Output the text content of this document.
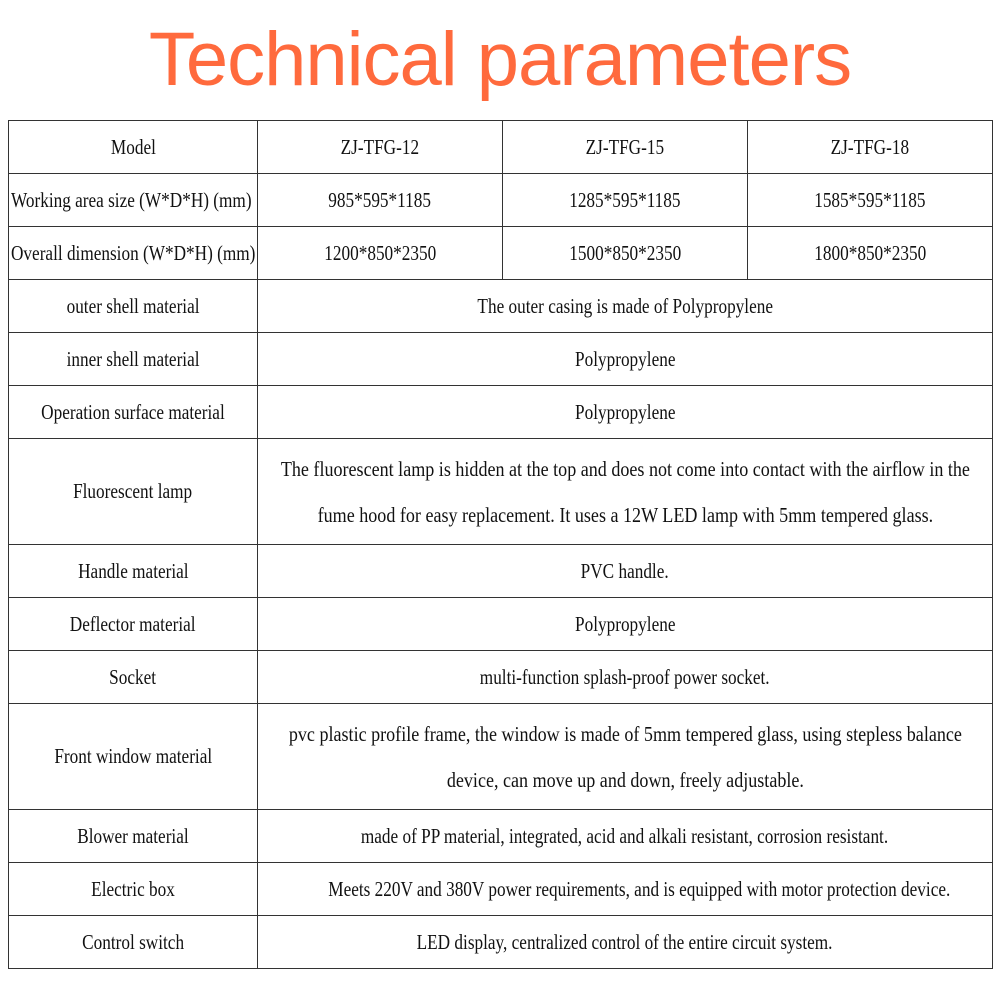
Technical parameters
Model	ZJ-TFG-12	ZJ-TFG-15	ZJ-TFG-18
Working area size (W*D*H) (mm)	985*595*1185	1285*595*1185	1585*595*1185
Overall dimension (W*D*H) (mm)	1200*850*2350	1500*850*2350	1800*850*2350
outer shell material	The outer casing is made of Polypropylene		
inner shell material	Polypropylene		
Operation surface material	Polypropylene		
Fluorescent lamp	The fluorescent lamp is hidden at the top and does not come into contact with the airflow in the fume hood for easy replacement. It uses a 12W LED lamp with 5mm tempered glass.		

Handle material	PVC handle.		
Deflector material	Polypropylene		
Socket	multi-function splash-proof power socket.		
Front window material	pvc plastic profile frame, the window is made of 5mm tempered glass, using stepless balance device, can move up and down, freely adjustable.		

Blower material	made of PP material, integrated, acid and alkali resistant, corrosion resistant.		
Electric box	Meets 220V and 380V power requirements, and is equipped with motor protection device.		
Control switch	LED display, centralized control of the entire circuit system.		
